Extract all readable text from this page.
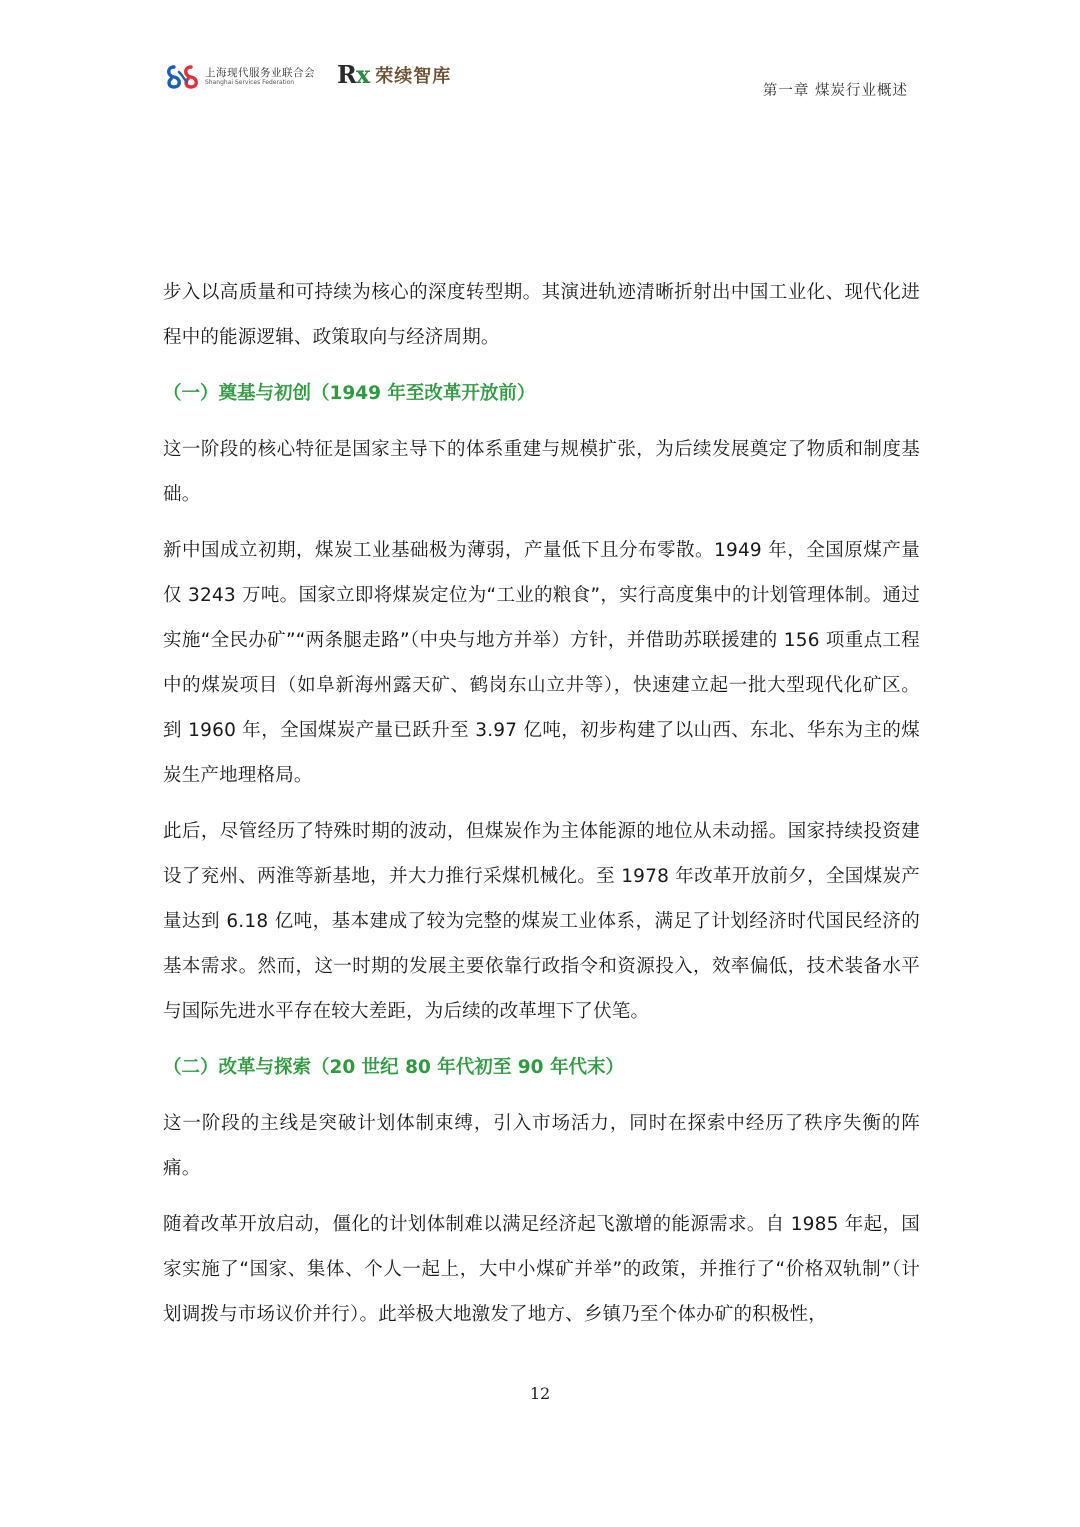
上海现代服务业联合会
Shanghai Services Federation	Rx 荣续智库
第一章 煤炭行业概述

步入以高质量和可持续为核心的深度转型期。其演进轨迹清晰折射出中国工业化、现代化进程中的能源逻辑、政策取向与经济周期。

（一）奠基与初创（1949 年至改革开放前）

这一阶段的核心特征是国家主导下的体系重建与规模扩张，为后续发展奠定了物质和制度基础。

新中国成立初期，煤炭工业基础极为薄弱，产量低下且分布零散。1949 年，全国原煤产量仅 3243 万吨。国家立即将煤炭定位为“工业的粮食”，实行高度集中的计划管理体制。通过实施“全民办矿”“两条腿走路”（中央与地方并举）方针，并借助苏联援建的 156 项重点工程中的煤炭项目（如阜新海州露天矿、鹤岗东山立井等），快速建立起一批大型现代化矿区。到 1960 年，全国煤炭产量已跃升至 3.97 亿吨，初步构建了以山西、东北、华东为主的煤炭生产地理格局。

此后，尽管经历了特殊时期的波动，但煤炭作为主体能源的地位从未动摇。国家持续投资建设了兖州、两淮等新基地，并大力推行采煤机械化。至 1978 年改革开放前夕，全国煤炭产量达到 6.18 亿吨，基本建成了较为完整的煤炭工业体系，满足了计划经济时代国民经济的基本需求。然而，这一时期的发展主要依靠行政指令和资源投入，效率偏低，技术装备水平与国际先进水平存在较大差距，为后续的改革埋下了伏笔。

（二）改革与探索（20 世纪 80 年代初至 90 年代末）

这一阶段的主线是突破计划体制束缚，引入市场活力，同时在探索中经历了秩序失衡的阵痛。

随着改革开放启动，僵化的计划体制难以满足经济起飞激增的能源需求。自 1985 年起，国家实施了“国家、集体、个人一起上，大中小煤矿并举”的政策，并推行了“价格双轨制”（计划调拨与市场议价并行）。此举极大地激发了地方、乡镇乃至个体办矿的积极性，

12
